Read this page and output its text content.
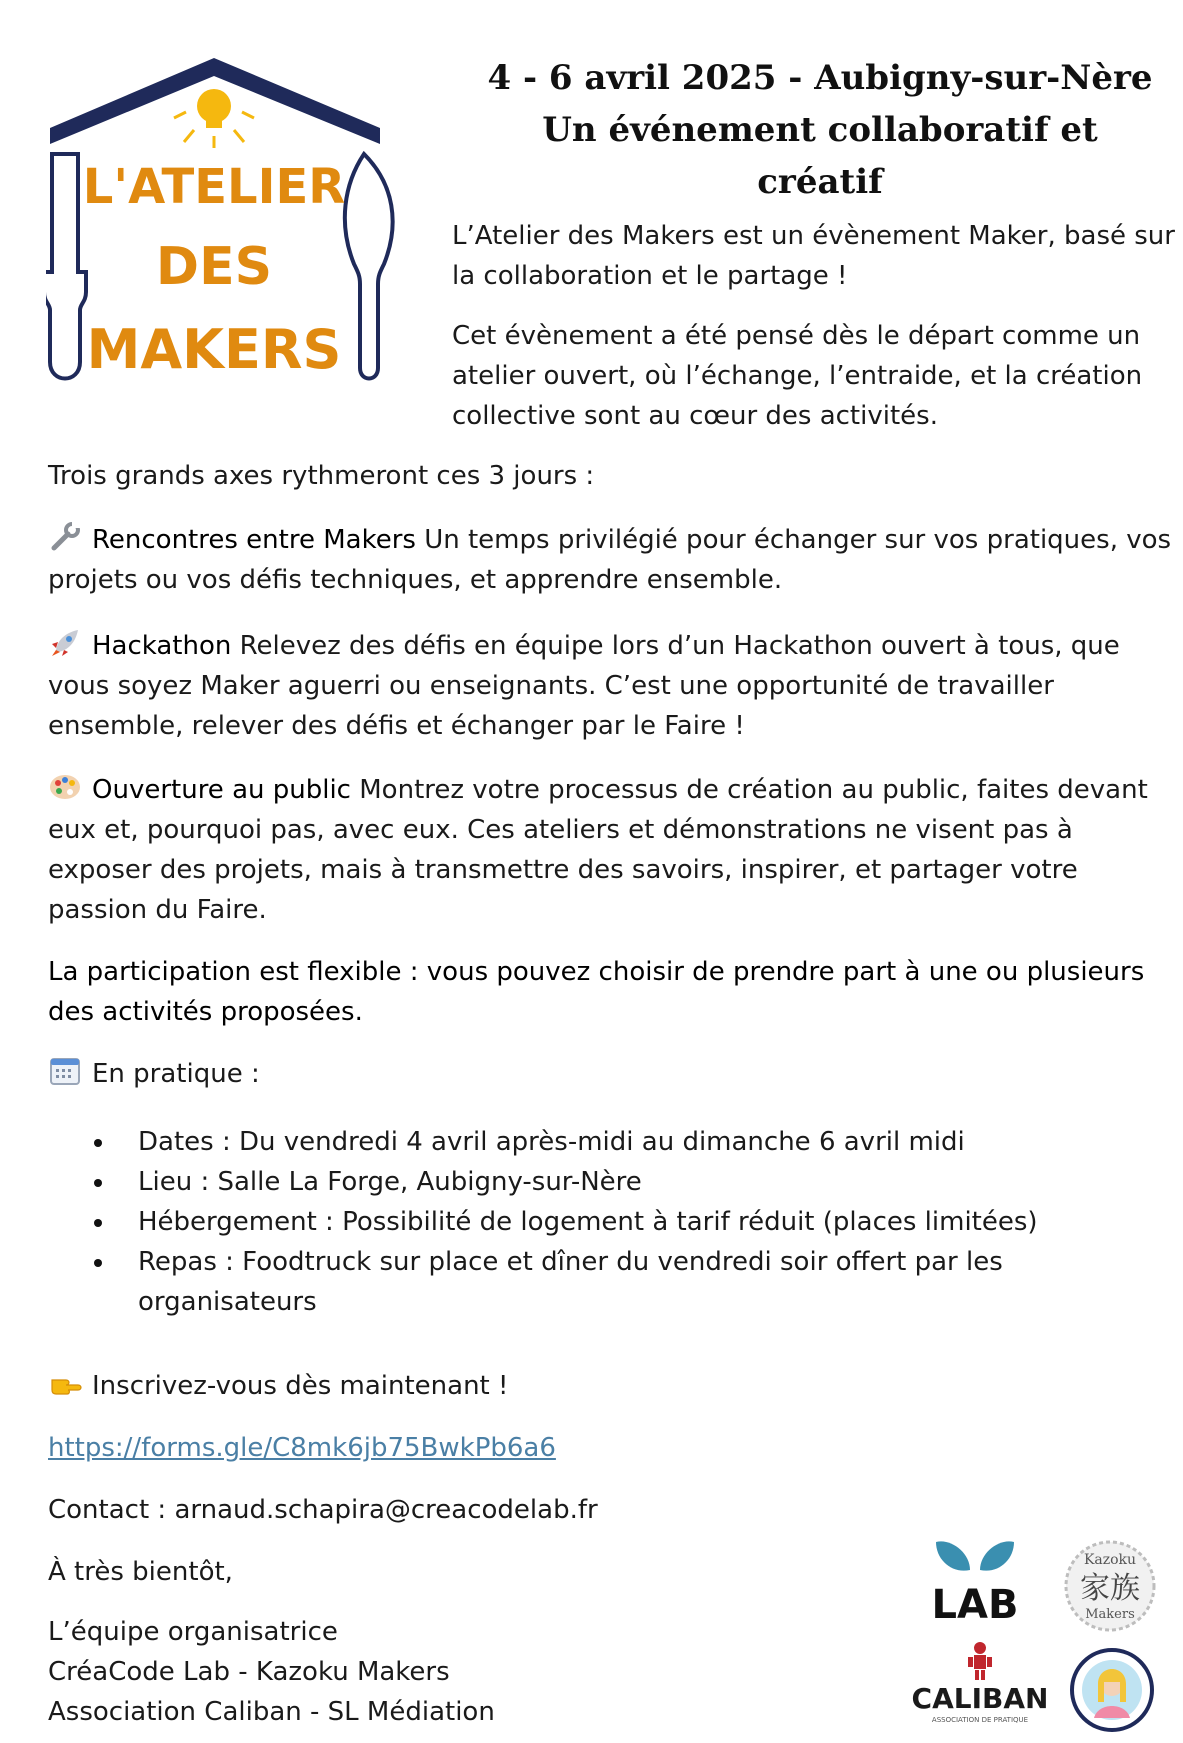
L'ATELIER
DES
MAKERS
4 - 6 avril 2025 - Aubigny-sur-Nère
Un événement collaboratif et créatif

L’Atelier des Makers est un évènement Maker, basé sur la collaboration et le partage !

Cet évènement a été pensé dès le départ comme un atelier ouvert, où l’échange, l’entraide, et la création collective sont au cœur des activités.

Trois grands axes rythmeront ces 3 jours :

Rencontres entre Makers Un temps privilégié pour échanger sur vos pratiques, vos projets ou vos défis techniques, et apprendre ensemble.

Hackathon Relevez des défis en équipe lors d’un Hackathon ouvert à tous, que vous soyez Maker aguerri ou enseignants. C’est une opportunité de travailler ensemble, relever des défis et échanger par le Faire !

Ouverture au public Montrez votre processus de création au public, faites devant eux et, pourquoi pas, avec eux. Ces ateliers et démonstrations ne visent pas à exposer des projets, mais à transmettre des savoirs, inspirer, et partager votre passion du Faire.

La participation est flexible : vous pouvez choisir de prendre part à une ou plusieurs des activités proposées.

En pratique :

Dates : Du vendredi 4 avril après-midi au dimanche 6 avril midi
Lieu : Salle La Forge, Aubigny-sur-Nère
Hébergement : Possibilité de logement à tarif réduit (places limitées)
Repas : Foodtruck sur place et dîner du vendredi soir offert par les organisateurs

Inscrivez-vous dès maintenant !

https://forms.gle/C8mk6jb75BwkPb6a6

Contact : arnaud.schapira@creacodelab.fr

À très bientôt,

L’équipe organisatrice
CréaCode Lab - Kazoku Makers
Association Caliban - SL Médiation
LAB
Kazoku
家族
Makers
CALIBAN
ASSOCIATION DE PRATIQUE
